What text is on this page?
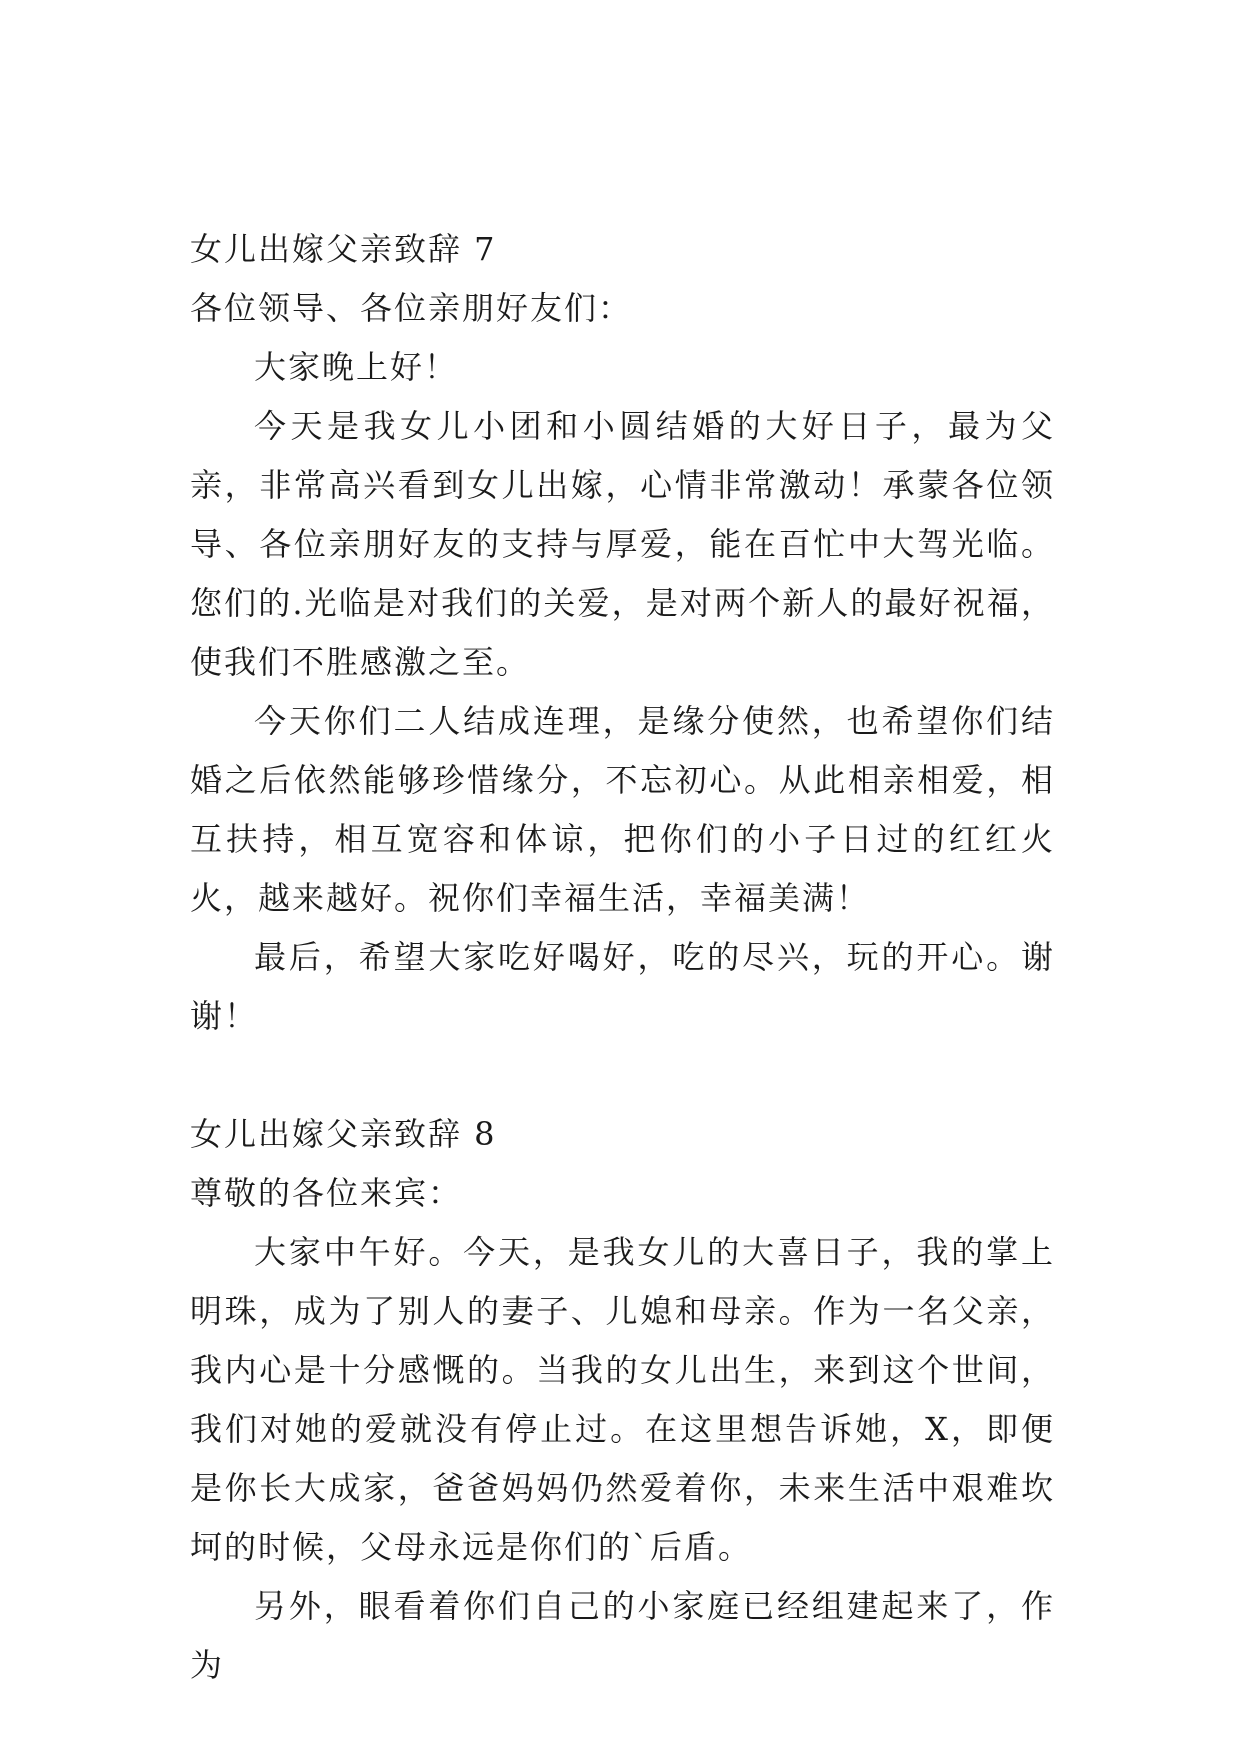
女儿出嫁父亲致辞 7

各位领导、各位亲朋好友们：

大家晚上好！

今天是我女儿小团和小圆结婚的大好日子，最为父亲，非常高兴看到女儿出嫁，心情非常激动！承蒙各位领导、各位亲朋好友的支持与厚爱，能在百忙中大驾光临。您们的.光临是对我们的关爱，是对两个新人的最好祝福，使我们不胜感激之至。

今天你们二人结成连理，是缘分使然，也希望你们结婚之后依然能够珍惜缘分，不忘初心。从此相亲相爱，相互扶持，相互宽容和体谅，把你们的小子日过的红红火火，越来越好。祝你们幸福生活，幸福美满！

最后，希望大家吃好喝好，吃的尽兴，玩的开心。谢谢！

女儿出嫁父亲致辞 8

尊敬的各位来宾：

大家中午好。今天，是我女儿的大喜日子，我的掌上明珠，成为了别人的妻子、儿媳和母亲。作为一名父亲，我内心是十分感慨的。当我的女儿出生，来到这个世间，我们对她的爱就没有停止过。在这里想告诉她，X，即便是你长大成家，爸爸妈妈仍然爱着你，未来生活中艰难坎坷的时候，父母永远是你们的`后盾。

另外，眼看着你们自己的小家庭已经组建起来了，作为
